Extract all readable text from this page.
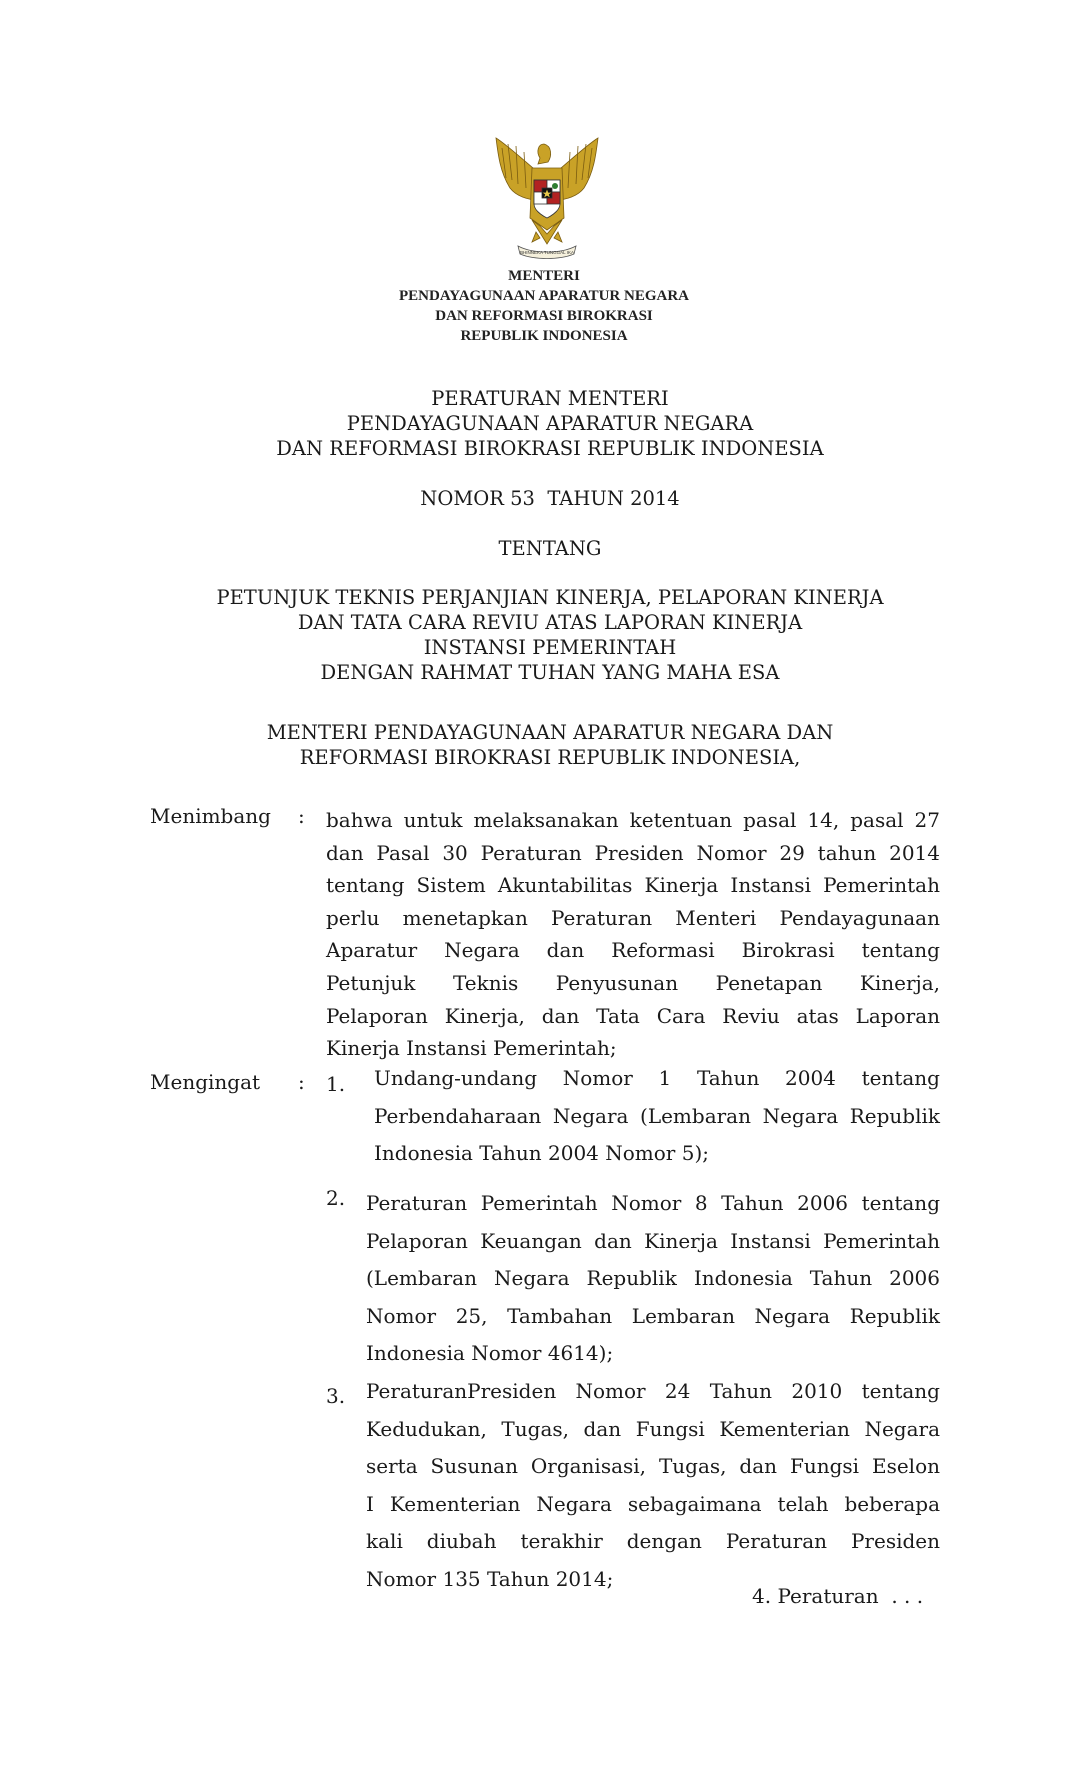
BHINNEKA TUNGGAL IKA
MENTERI
PENDAYAGUNAAN APARATUR NEGARA
DAN REFORMASI BIROKRASI
REPUBLIK INDONESIA
PERATURAN MENTERI
PENDAYAGUNAAN APARATUR NEGARA
DAN REFORMASI BIROKRASI REPUBLIK INDONESIA
NOMOR 53  TAHUN 2014
TENTANG
PETUNJUK TEKNIS PERJANJIAN KINERJA, PELAPORAN KINERJA
DAN TATA CARA REVIU ATAS LAPORAN KINERJA
INSTANSI PEMERINTAH
DENGAN RAHMAT TUHAN YANG MAHA ESA
MENTERI PENDAYAGUNAAN APARATUR NEGARA DAN
REFORMASI BIROKRASI REPUBLIK INDONESIA,
Menimbang : bahwa untuk melaksanakan ketentuan pasal 14, pasal 27
dan Pasal 30 Peraturan Presiden Nomor 29 tahun 2014
tentang Sistem Akuntabilitas Kinerja Instansi Pemerintah
perlu menetapkan Peraturan Menteri Pendayagunaan
Aparatur Negara dan Reformasi Birokrasi tentang
Petunjuk Teknis Penyusunan Penetapan Kinerja,
Pelaporan Kinerja, dan Tata Cara Reviu atas Laporan
Kinerja Instansi Pemerintah;
Mengingat : 1. Undang-undang Nomor 1 Tahun 2004 tentang
Perbendaharaan Negara (Lembaran Negara Republik
Indonesia Tahun 2004 Nomor 5);
2. Peraturan Pemerintah Nomor 8 Tahun 2006 tentang
Pelaporan Keuangan dan Kinerja Instansi Pemerintah
(Lembaran Negara Republik Indonesia Tahun 2006
Nomor 25, Tambahan Lembaran Negara Republik
Indonesia Nomor 4614);
3. PeraturanPresiden Nomor 24 Tahun 2010 tentang
Kedudukan, Tugas, dan Fungsi Kementerian Negara
serta Susunan Organisasi, Tugas, dan Fungsi Eselon
I Kementerian Negara sebagaimana telah beberapa
kali diubah terakhir dengan Peraturan Presiden
Nomor 135 Tahun 2014;
4. Peraturan  . . .
